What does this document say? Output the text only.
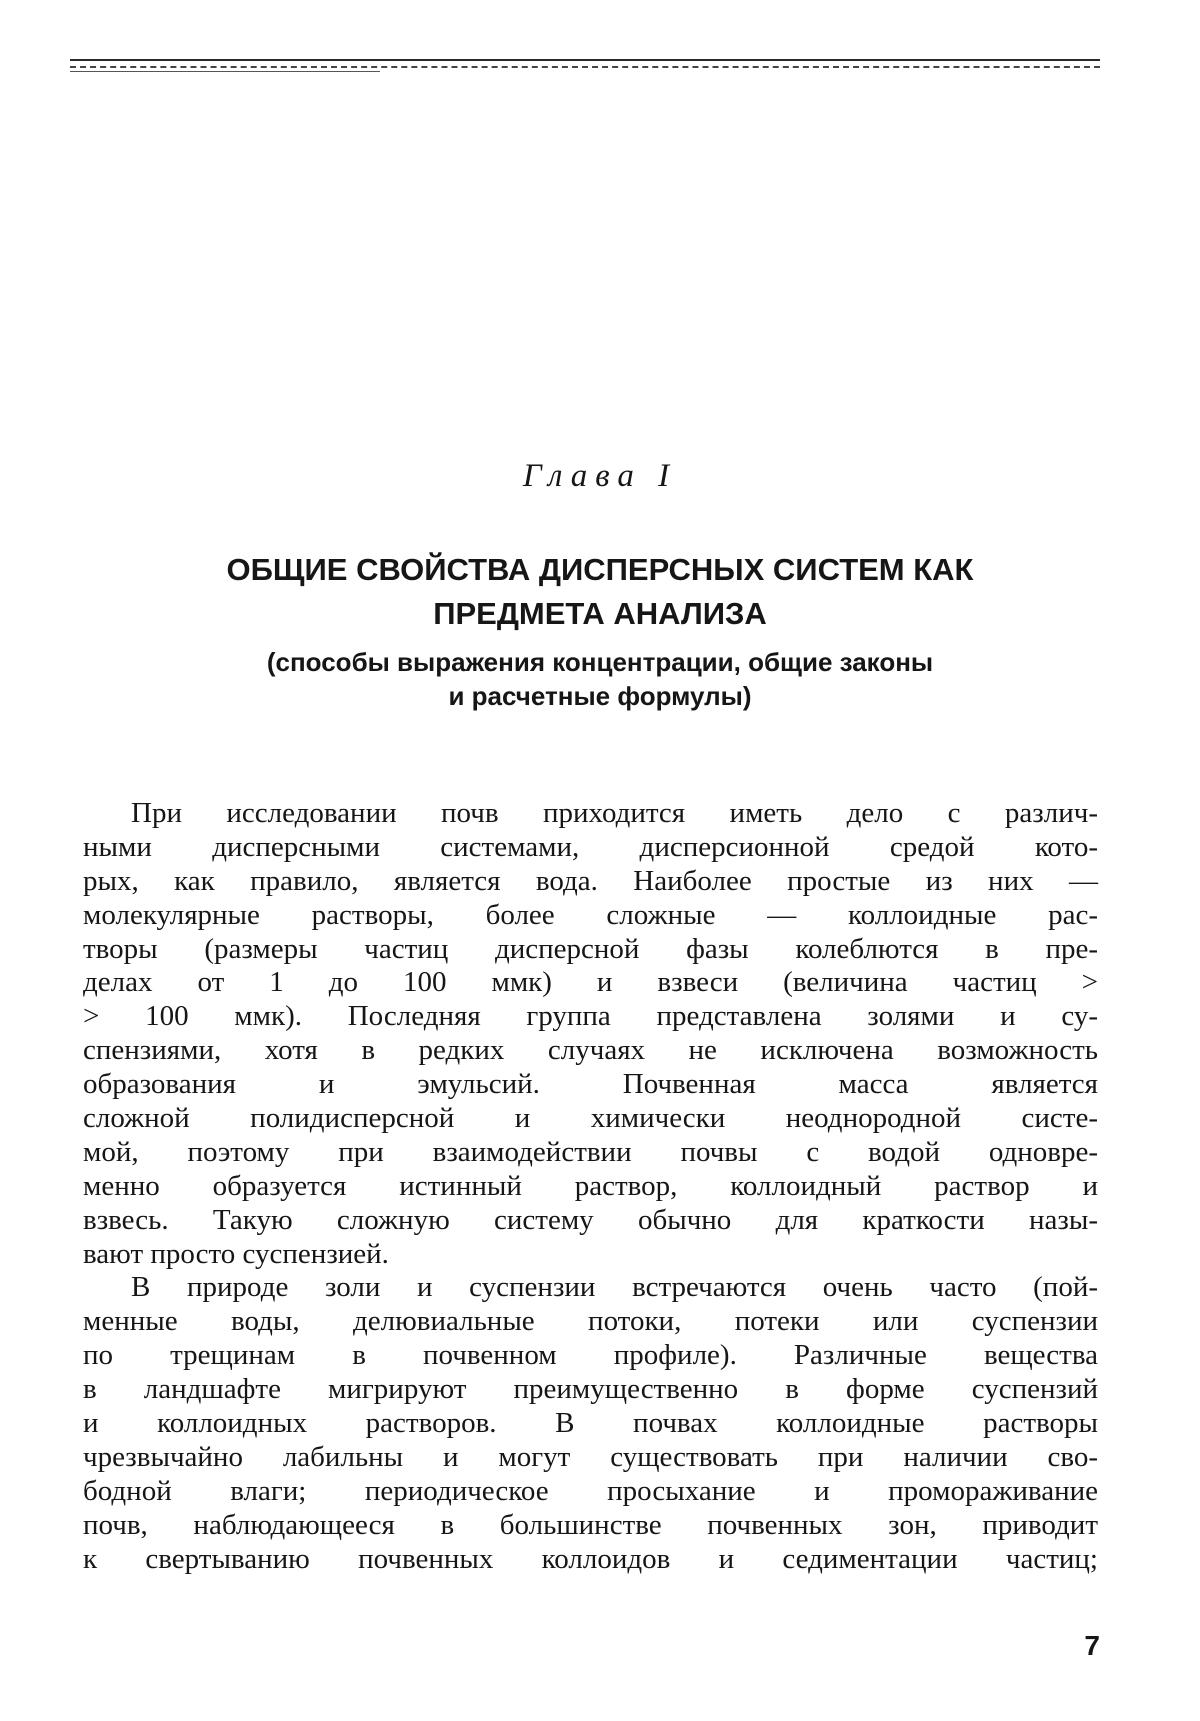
Глава I
ОБЩИЕ СВОЙСТВА ДИСПЕРСНЫХ СИСТЕМ КАК
ПРЕДМЕТА АНАЛИЗА
(способы выражения концентрации, общие законы
и расчетные формулы)
При исследовании почв приходится иметь дело с различ-
ными дисперсными системами, дисперсионной средой кото-
рых, как правило, является вода. Наиболее простые из них —
молекулярные растворы, более сложные — коллоидные рас-
творы (размеры частиц дисперсной фазы колеблются в пре-
делах от 1 до 100 ммк) и взвеси (величина частиц >
> 100 ммк). Последняя группа представлена золями и су-
спензиями, хотя в редких случаях не исключена возможность
образования и эмульсий. Почвенная масса является
сложной полидисперсной и химически неоднородной систе-
мой, поэтому при взаимодействии почвы с водой одновре-
менно образуется истинный раствор, коллоидный раствор и
взвесь. Такую сложную систему обычно для краткости назы-
вают просто суспензией.
В природе золи и суспензии встречаются очень часто (пой-
менные воды, делювиальные потоки, потеки или суспензии
по трещинам в почвенном профиле). Различные вещества
в ландшафте мигрируют преимущественно в форме суспензий
и коллоидных растворов. В почвах коллоидные растворы
чрезвычайно лабильны и могут существовать при наличии сво-
бодной влаги; периодическое просыхание и промораживание
почв, наблюдающееся в большинстве почвенных зон, приводит
к свертыванию почвенных коллоидов и седиментации частиц;
7
